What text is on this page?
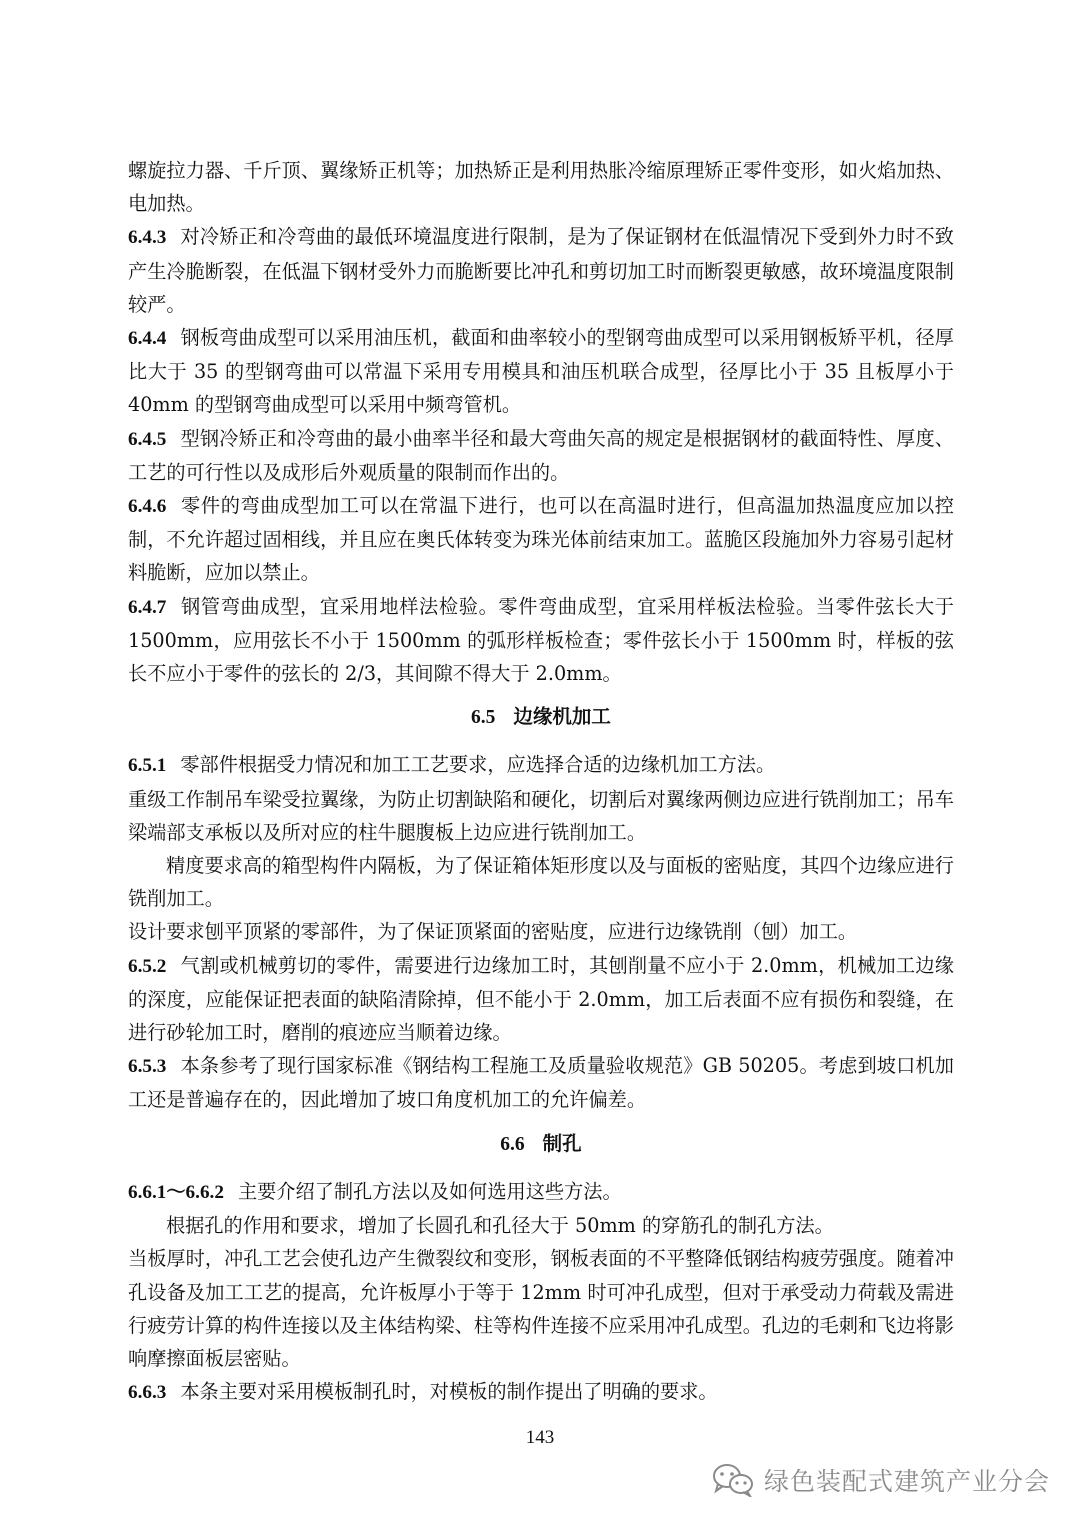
螺旋拉力器、千斤顶、翼缘矫正机等；加热矫正是利用热胀冷缩原理矫正零件变形，如火焰加热、电加热。

6.4.3 对冷矫正和冷弯曲的最低环境温度进行限制，是为了保证钢材在低温情况下受到外力时不致产生冷脆断裂，在低温下钢材受外力而脆断要比冲孔和剪切加工时而断裂更敏感，故环境温度限制较严。

6.4.4 钢板弯曲成型可以采用油压机，截面和曲率较小的型钢弯曲成型可以采用钢板矫平机，径厚比大于 35 的型钢弯曲可以常温下采用专用模具和油压机联合成型，径厚比小于 35 且板厚小于 40mm 的型钢弯曲成型可以采用中频弯管机。

6.4.5 型钢冷矫正和冷弯曲的最小曲率半径和最大弯曲矢高的规定是根据钢材的截面特性、厚度、工艺的可行性以及成形后外观质量的限制而作出的。

6.4.6 零件的弯曲成型加工可以在常温下进行，也可以在高温时进行，但高温加热温度应加以控制，不允许超过固相线，并且应在奥氏体转变为珠光体前结束加工。蓝脆区段施加外力容易引起材料脆断，应加以禁止。

6.4.7 钢管弯曲成型，宜采用地样法检验。零件弯曲成型，宜采用样板法检验。当零件弦长大于 1500mm，应用弦长不小于 1500mm 的弧形样板检查；零件弦长小于 1500mm 时，样板的弦长不应小于零件的弦长的 2/3，其间隙不得大于 2.0mm。

6.5 边缘机加工

6.5.1 零部件根据受力情况和加工工艺要求，应选择合适的边缘机加工方法。

重级工作制吊车梁受拉翼缘，为防止切割缺陷和硬化，切割后对翼缘两侧边应进行铣削加工；吊车梁端部支承板以及所对应的柱牛腿腹板上边应进行铣削加工。

精度要求高的箱型构件内隔板，为了保证箱体矩形度以及与面板的密贴度，其四个边缘应进行铣削加工。

设计要求刨平顶紧的零部件，为了保证顶紧面的密贴度，应进行边缘铣削（刨）加工。

6.5.2 气割或机械剪切的零件，需要进行边缘加工时，其刨削量不应小于 2.0mm，机械加工边缘的深度，应能保证把表面的缺陷清除掉，但不能小于 2.0mm，加工后表面不应有损伤和裂缝，在进行砂轮加工时，磨削的痕迹应当顺着边缘。

6.5.3 本条参考了现行国家标准《钢结构工程施工及质量验收规范》GB 50205。考虑到坡口机加工还是普遍存在的，因此增加了坡口角度机加工的允许偏差。

6.6 制孔

6.6.1～6.6.2 主要介绍了制孔方法以及如何选用这些方法。

根据孔的作用和要求，增加了长圆孔和孔径大于 50mm 的穿筋孔的制孔方法。

当板厚时，冲孔工艺会使孔边产生微裂纹和变形，钢板表面的不平整降低钢结构疲劳强度。随着冲孔设备及加工工艺的提高，允许板厚小于等于 12mm 时可冲孔成型，但对于承受动力荷载及需进行疲劳计算的构件连接以及主体结构梁、柱等构件连接不应采用冲孔成型。孔边的毛刺和飞边将影响摩擦面板层密贴。

6.6.3 本条主要对采用模板制孔时，对模板的制作提出了明确的要求。

143
绿色装配式建筑产业分会
